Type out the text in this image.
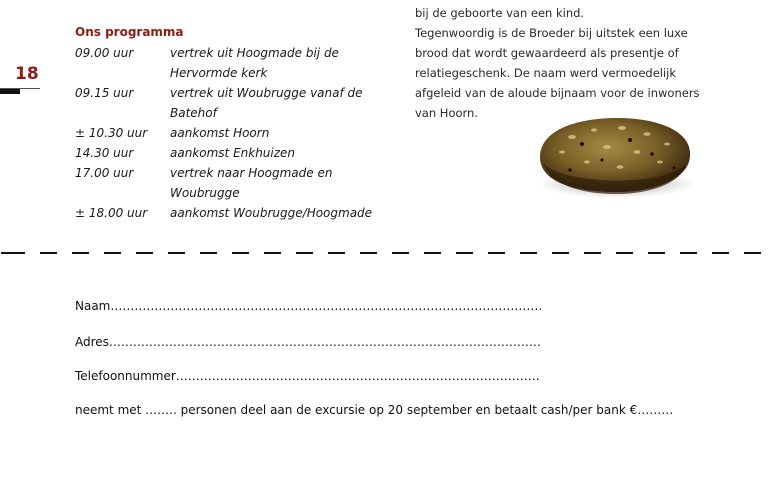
18
Ons programma
09.00 uur	vertrek uit Hoogmade bij de Hervormde kerk
09.15 uur	vertrek uit Woubrugge vanaf de Batehof
± 10.30 uur	aankomst Hoorn
14.30 uur	aankomst Enkhuizen
17.00 uur	vertrek naar Hoogmade en Woubrugge
± 18.00 uur	aankomst Woubrugge/Hoogmade

bij de geboorte van een kind.

Tegenwoordig is de Broeder bij uitstek een luxe

brood dat wordt gewaardeerd als presentje of

relatiegeschenk. De naam werd vermoedelijk

afgeleid van de aloude bijnaam voor de inwoners

van Hoorn.

Naam………………………………………………………………………………………………
Adres………………………………………………………………………………………………
Telefoonnummer……………………………………………………………………………….
neemt met …….. personen deel aan de excursie op 20 september en betaalt cash/per bank €………
